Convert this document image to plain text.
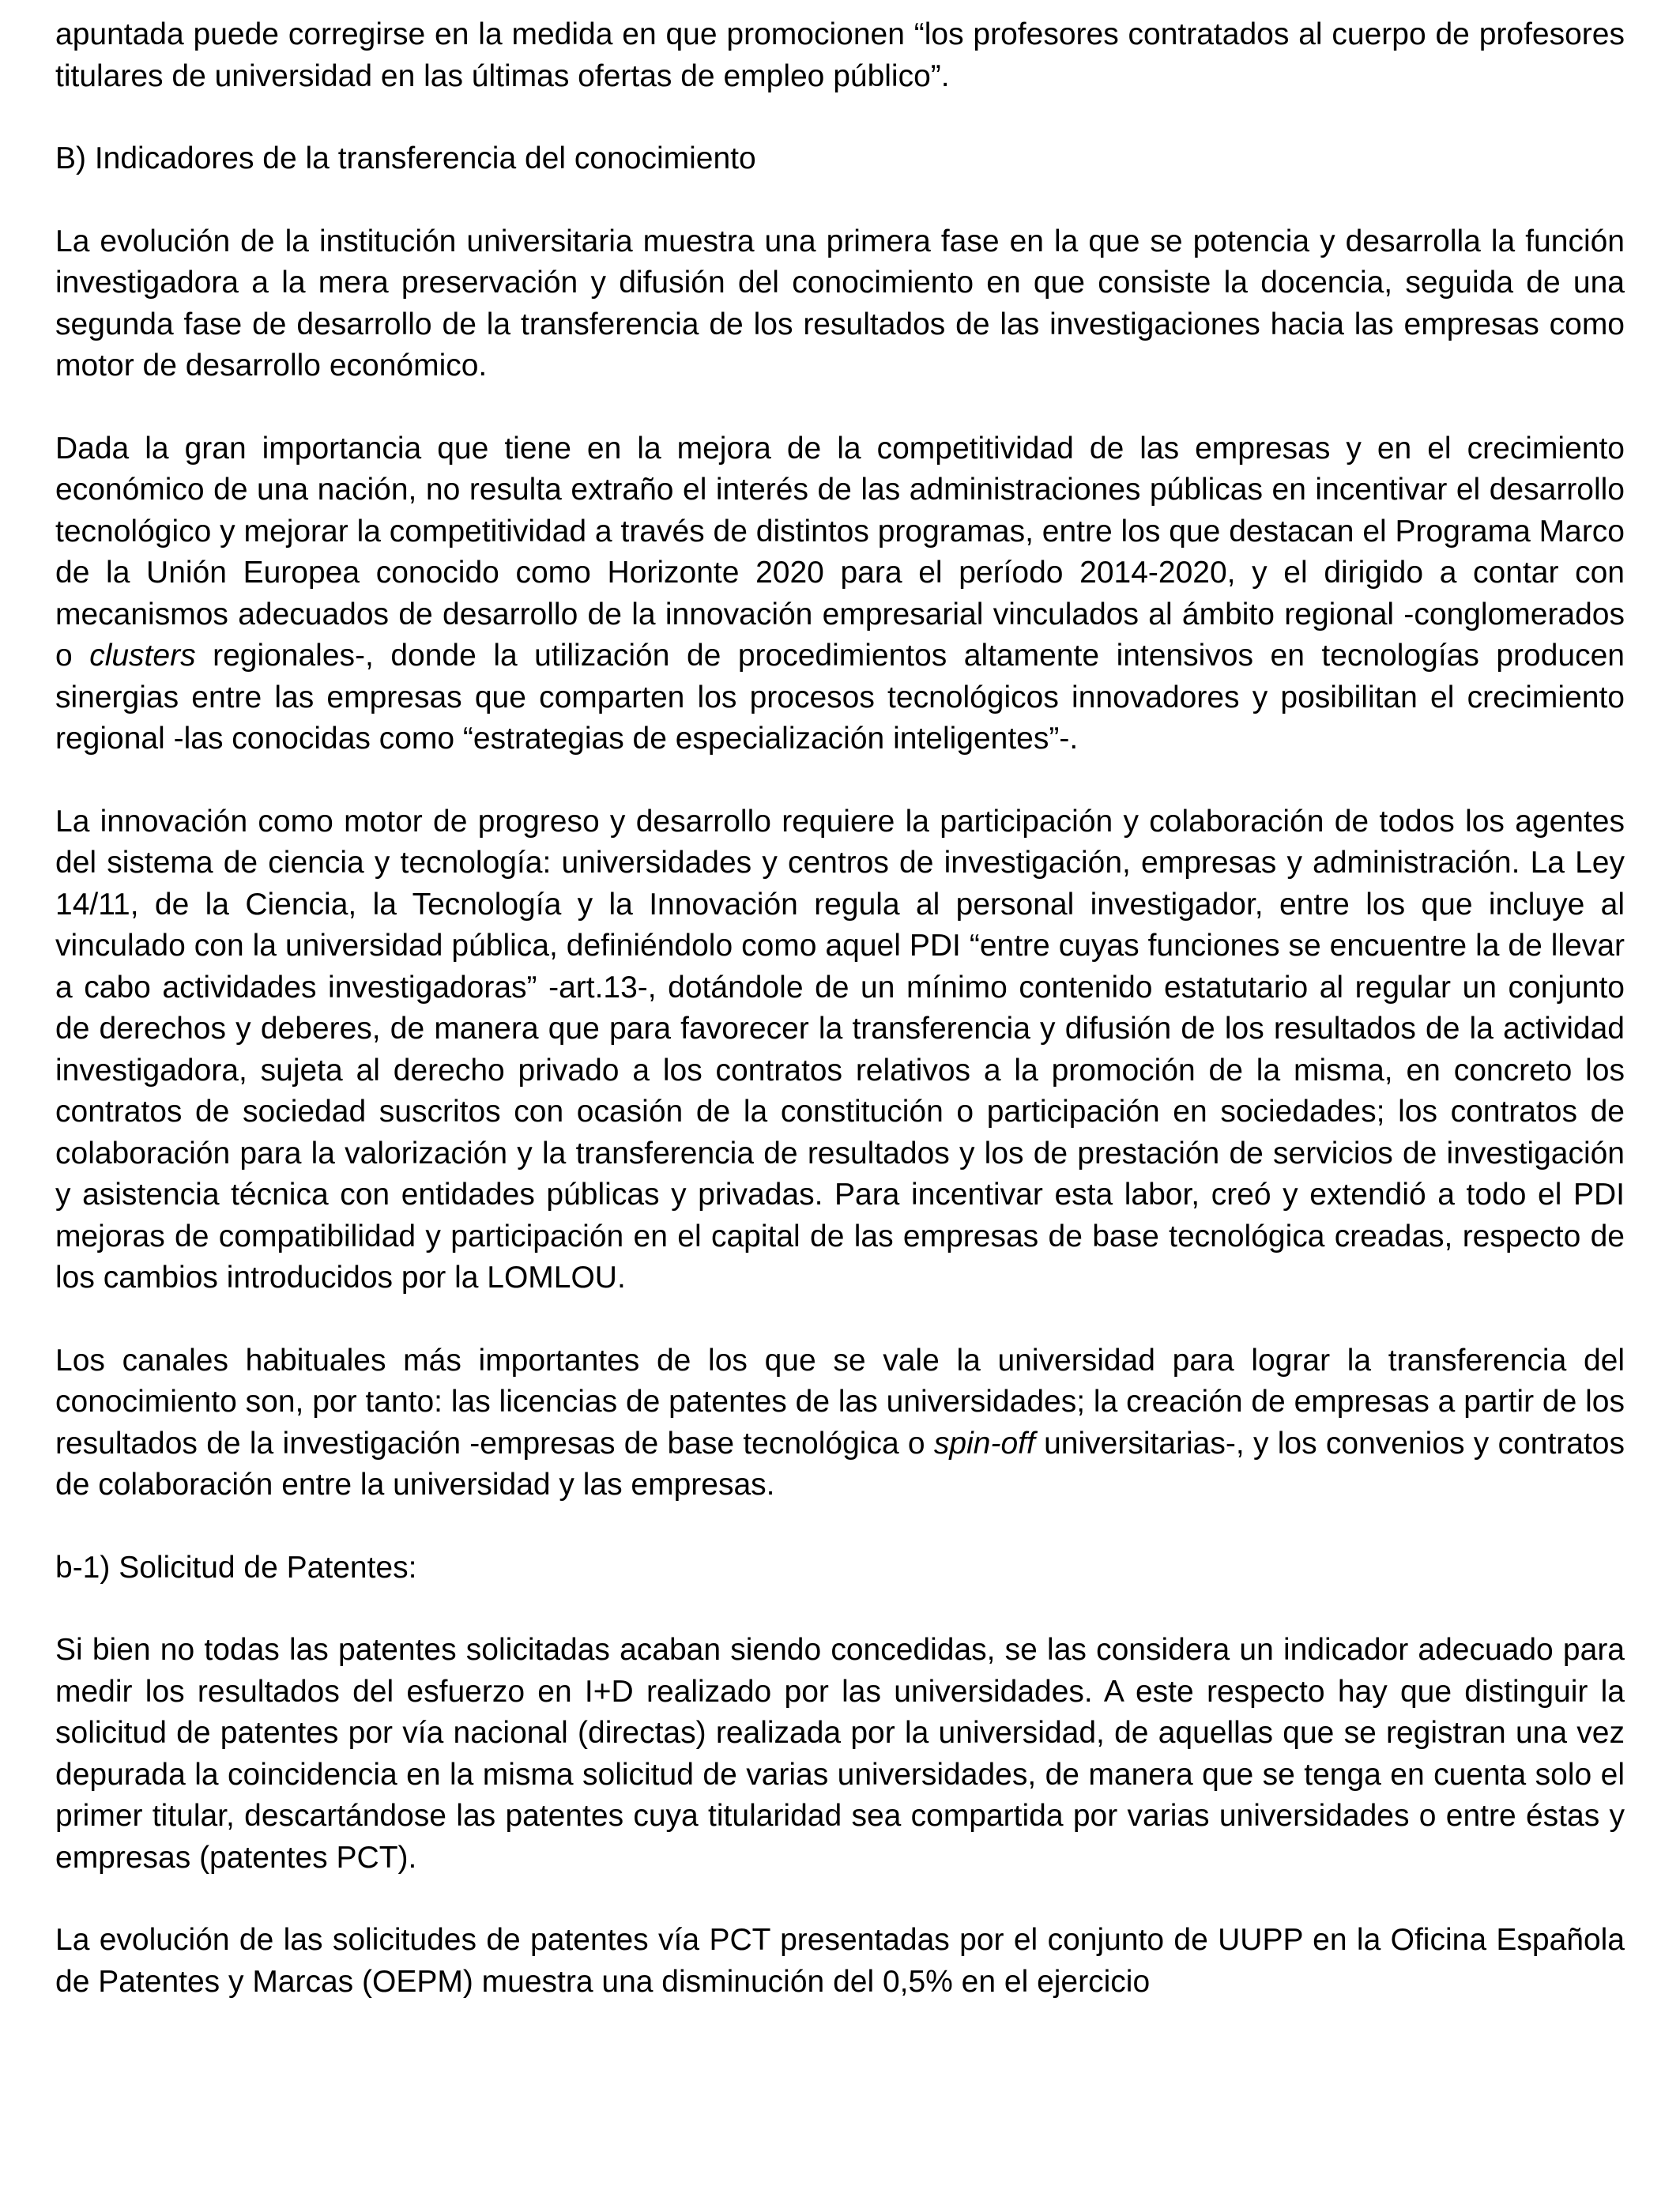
apuntada puede corregirse en la medida en que promocionen “los profesores contratados al cuerpo de profesores titulares de universidad en las últimas ofertas de empleo público”.

B) Indicadores de la transferencia del conocimiento

La evolución de la institución universitaria muestra una primera fase en la que se potencia y desarrolla la función investigadora a la mera preservación y difusión del conocimiento en que consiste la docencia, seguida de una segunda fase de desarrollo de la transferencia de los resultados de las investigaciones hacia las empresas como motor de desarrollo económico.

Dada la gran importancia que tiene en la mejora de la competitividad de las empresas y en el crecimiento económico de una nación, no resulta extraño el interés de las administraciones públicas en incentivar el desarrollo tecnológico y mejorar la competitividad a través de distintos programas, entre los que destacan el Programa Marco de la Unión Europea conocido como Horizonte 2020 para el período 2014-2020, y el dirigido a contar con mecanismos adecuados de desarrollo de la innovación empresarial vinculados al ámbito regional -conglomerados o clusters regionales-, donde la utilización de procedimientos altamente intensivos en tecnologías producen sinergias entre las empresas que comparten los procesos tecnológicos innovadores y posibilitan el crecimiento regional -las conocidas como “estrategias de especialización inteligentes”-.

La innovación como motor de progreso y desarrollo requiere la participación y colaboración de todos los agentes del sistema de ciencia y tecnología: universidades y centros de investigación, empresas y administración. La Ley 14/11, de la Ciencia, la Tecnología y la Innovación regula al personal investigador, entre los que incluye al vinculado con la universidad pública, definiéndolo como aquel PDI “entre cuyas funciones se encuentre la de llevar a cabo actividades investigadoras” -art.13-, dotándole de un mínimo contenido estatutario al regular un conjunto de derechos y deberes, de manera que para favorecer la transferencia y difusión de los resultados de la actividad investigadora, sujeta al derecho privado a los contratos relativos a la promoción de la misma, en concreto los contratos de sociedad suscritos con ocasión de la constitución o participación en sociedades; los contratos de colaboración para la valorización y la transferencia de resultados y los de prestación de servicios de investigación y asistencia técnica con entidades públicas y privadas. Para incentivar esta labor, creó y extendió a todo el PDI mejoras de compatibilidad y participación en el capital de las empresas de base tecnológica creadas, respecto de los cambios introducidos por la LOMLOU.

Los canales habituales más importantes de los que se vale la universidad para lograr la transferencia del conocimiento son, por tanto: las licencias de patentes de las universidades; la creación de empresas a partir de los resultados de la investigación -empresas de base tecnológica o spin-off universitarias-, y los convenios y contratos de colaboración entre la universidad y las empresas.

b-1) Solicitud de Patentes:

Si bien no todas las patentes solicitadas acaban siendo concedidas, se las considera un indicador adecuado para medir los resultados del esfuerzo en I+D realizado por las universidades. A este respecto hay que distinguir la solicitud de patentes por vía nacional (directas) realizada por la universidad, de aquellas que se registran una vez depurada la coincidencia en la misma solicitud de varias universidades, de manera que se tenga en cuenta solo el primer titular, descartándose las patentes cuya titularidad sea compartida por varias universidades o entre éstas y empresas (patentes PCT).

La evolución de las solicitudes de patentes vía PCT presentadas por el conjunto de UUPP en la Oficina Española de Patentes y Marcas (OEPM) muestra una disminución del 0,5% en el ejercicio
